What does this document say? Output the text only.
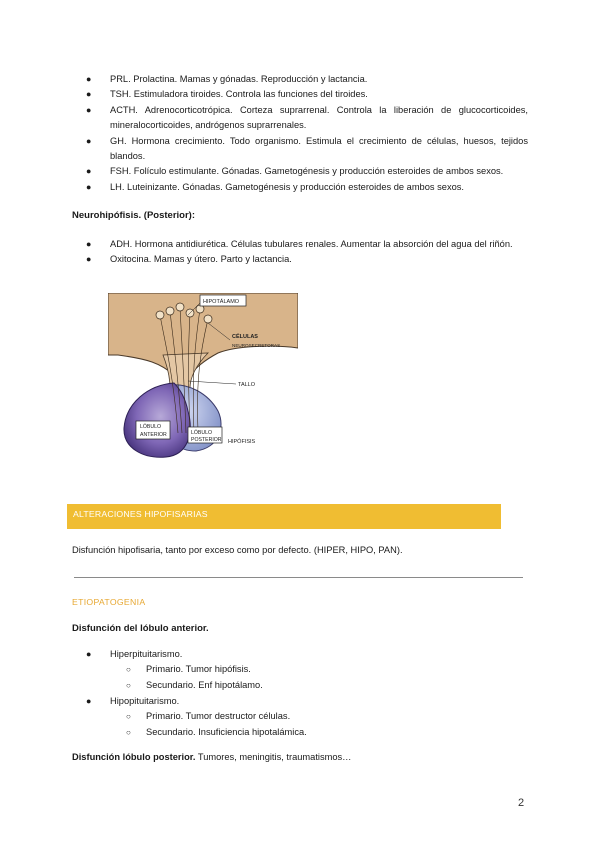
● PRL. Prolactina. Mamas y gónadas. Reproducción y lactancia.
● TSH. Estimuladora tiroides. Controla las funciones del tiroides.
● ACTH. Adrenocorticotrópica. Corteza suprarrenal. Controla la liberación de glucocorticoides, mineralocorticoides, andrógenos suprarrenales.
● GH. Hormona crecimiento. Todo organismo. Estimula el crecimiento de células, huesos, tejidos blandos.
● FSH. Folículo estimulante. Gónadas. Gametogénesis y producción esteroides de ambos sexos.
● LH. Luteinizante. Gónadas. Gametogénesis y producción esteroides de ambos sexos.
Neurohipófisis. (Posterior):
● ADH. Hormona antidiurética. Células tubulares renales. Aumentar la absorción del agua del riñón.
● Oxitocina. Mamas y útero. Parto y lactancia.
HIPOTÁLAMO
CÉLULAS
NEUROSECRETORAS
TALLO
LÓBULO
ANTERIOR	LÓBULO
POSTERIOR HIPÓFISIS
ALTERACIONES HIPOFISARIAS
Disfunción hipofisaria, tanto por exceso como por defecto. (HIPER, HIPO, PAN).
ETIOPATOGENIA
Disfunción del lóbulo anterior.
● Hiperpituitarismo.
○ Primario. Tumor hipófisis.
○ Secundario. Enf hipotálamo.
● Hipopituitarismo.
○ Primario. Tumor destructor células.
○ Secundario. Insuficiencia hipotalámica.
Disfunción lóbulo posterior. Tumores, meningitis, traumatismos…
2
